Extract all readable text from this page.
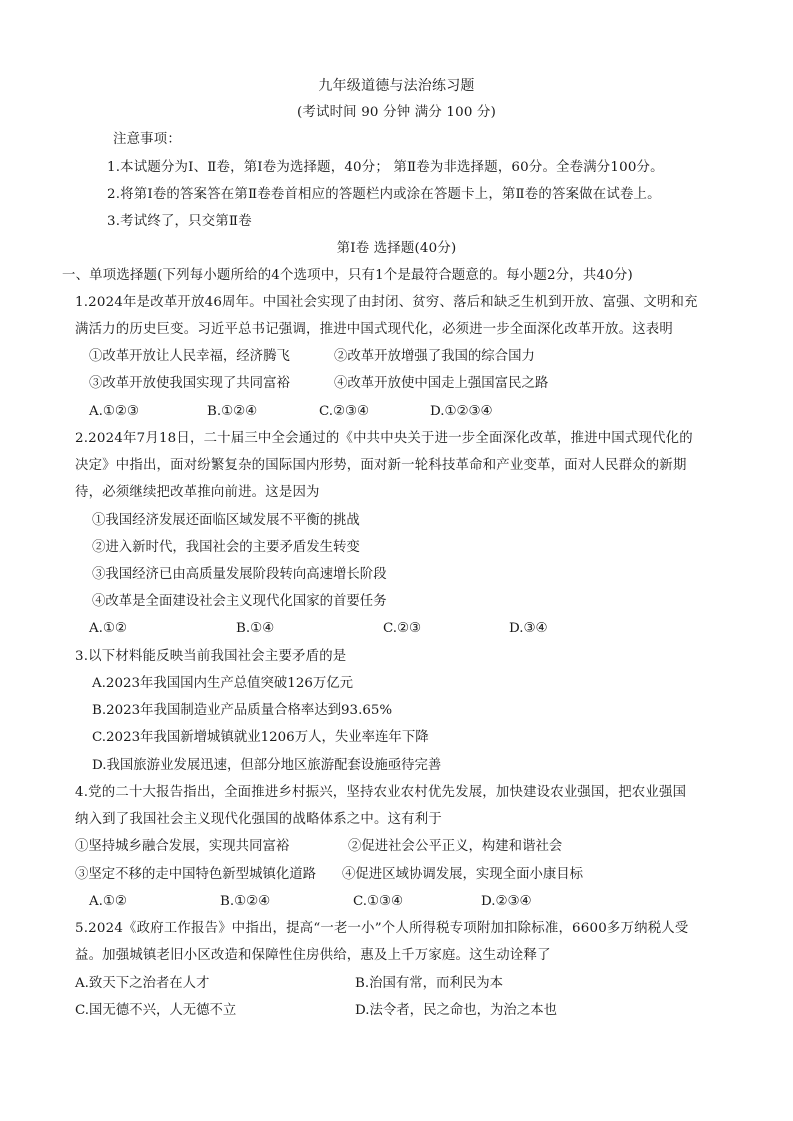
九年级道德与法治练习题
(考试时间 90 分钟 满分 100 分)
注意事项：
1.本试题分为Ⅰ、Ⅱ卷，第Ⅰ卷为选择题，40分； 第Ⅱ卷为非选择题，60分。全卷满分100分。
2.将第Ⅰ卷的答案答在第Ⅱ卷卷首相应的答题栏内或涂在答题卡上，第Ⅱ卷的答案做在试卷上。
3.考试终了，只交第Ⅱ卷
第Ⅰ卷 选择题(40分)
一、单项选择题(下列每小题所给的4个选项中，只有1个是最符合题意的。每小题2分，共40分)
1.2024年是改革开放46周年。中国社会实现了由封闭、贫穷、落后和缺乏生机到开放、富强、文明和充
满活力的历史巨变。习近平总书记强调，推进中国式现代化，必须进一步全面深化改革开放。这表明
①改革开放让人民幸福，经济腾飞	②改革开放增强了我国的综合国力
③改革开放使我国实现了共同富裕	④改革开放使中国走上强国富民之路
A.①②③	B.①②④	C.②③④	D.①②③④
2.2024年7月18日，二十届三中全会通过的《中共中央关于进一步全面深化改革，推进中国式现代化的
决定》中指出，面对纷繁复杂的国际国内形势，面对新一轮科技革命和产业变革，面对人民群众的新期
待，必须继续把改革推向前进。这是因为
①我国经济发展还面临区域发展不平衡的挑战
②进入新时代，我国社会的主要矛盾发生转变
③我国经济已由高质量发展阶段转向高速增长阶段
④改革是全面建设社会主义现代化国家的首要任务
A.①②	B.①④	C.②③	D.③④
3.以下材料能反映当前我国社会主要矛盾的是
A.2023年我国国内生产总值突破126万亿元
B.2023年我国制造业产品质量合格率达到93.65%
C.2023年我国新增城镇就业1206万人，失业率连年下降
D.我国旅游业发展迅速，但部分地区旅游配套设施亟待完善
4.党的二十大报告指出，全面推进乡村振兴，坚持农业农村优先发展，加快建设农业强国，把农业强国
纳入到了我国社会主义现代化强国的战略体系之中。这有利于
①坚持城乡融合发展，实现共同富裕	②促进社会公平正义，构建和谐社会
③坚定不移的走中国特色新型城镇化道路 ④促进区域协调发展，实现全面小康目标
A.①②	B.①②④	C.①③④	D.②③④
5.2024《政府工作报告》中指出，提高“一老一小”个人所得税专项附加扣除标准，6600多万纳税人受
益。加强城镇老旧小区改造和保障性住房供给，惠及上千万家庭。这生动诠释了
A.致天下之治者在人才	B.治国有常，而利民为本
C.国无德不兴，人无德不立	D.法令者，民之命也，为治之本也
